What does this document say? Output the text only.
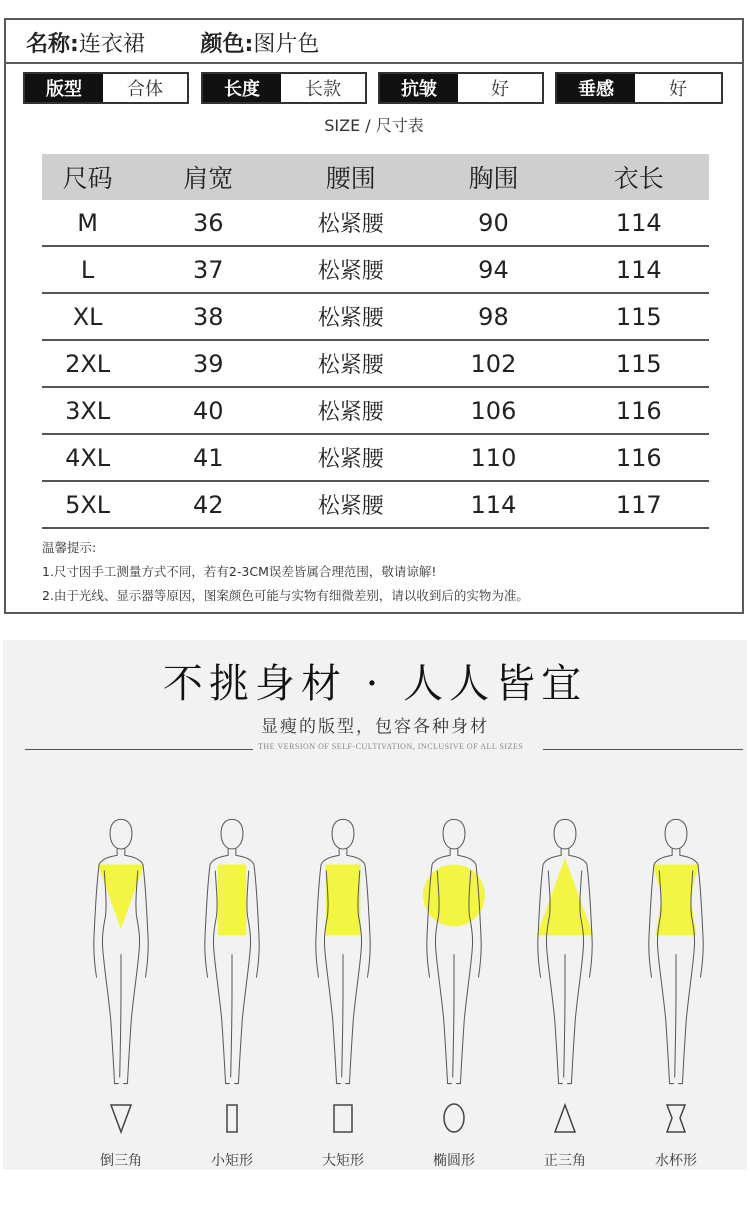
名称:连衣裙	颜色:图片色
版型	合体	长度	长款	抗皱	好	垂感	好
SIZE / 尺寸表
尺码	肩宽	腰围	胸围	衣长
M	36	松紧腰	90	114
L	37	松紧腰	94	114
XL	38	松紧腰	98	115
2XL	39	松紧腰	102	115
3XL	40	松紧腰	106	116
4XL	41	松紧腰	110	116
5XL	42	松紧腰	114	117
温馨提示:
1.尺寸因手工测量方式不同，若有2-3CM误差皆属合理范围，敬请谅解!
2.由于光线、显示器等原因，图案颜色可能与实物有细微差别，请以收到后的实物为准。
不挑身材 · 人人皆宜
显瘦的版型，包容各种身材
THE VERSION OF SELF-CULTIVATION, INCLUSIVE OF ALL SIZES
倒三角	小矩形	大矩形	椭圆形	正三角	水杯形
